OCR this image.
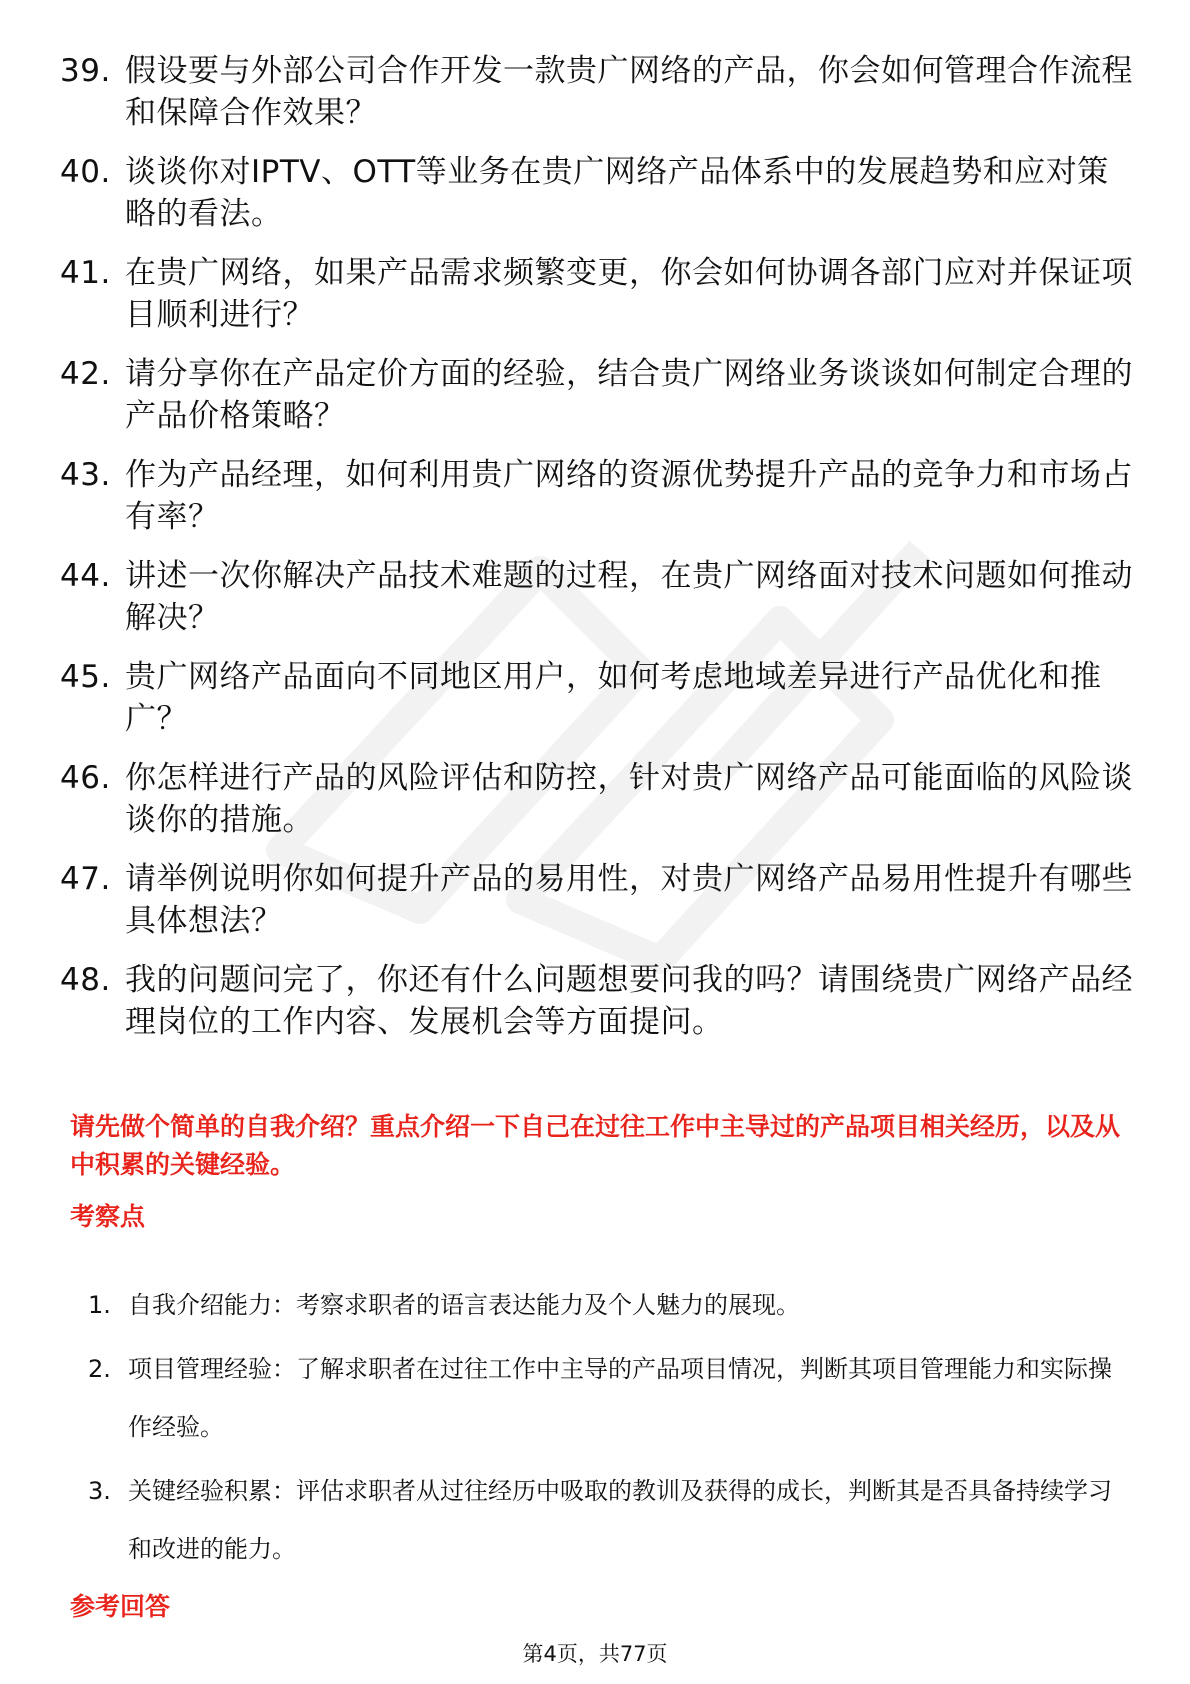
39. 假设要与外部公司合作开发一款贵广网络的产品，你会如何管理合作流程和保障合作效果？
40. 谈谈你对IPTV、OTT等业务在贵广网络产品体系中的发展趋势和应对策略的看法。
41. 在贵广网络，如果产品需求频繁变更，你会如何协调各部门应对并保证项目顺利进行？
42. 请分享你在产品定价方面的经验，结合贵广网络业务谈谈如何制定合理的产品价格策略？
43. 作为产品经理，如何利用贵广网络的资源优势提升产品的竞争力和市场占有率？
44. 讲述一次你解决产品技术难题的过程，在贵广网络面对技术问题如何推动解决？
45. 贵广网络产品面向不同地区用户，如何考虑地域差异进行产品优化和推广？
46. 你怎样进行产品的风险评估和防控，针对贵广网络产品可能面临的风险谈谈你的措施。
47. 请举例说明你如何提升产品的易用性，对贵广网络产品易用性提升有哪些具体想法？
48. 我的问题问完了，你还有什么问题想要问我的吗？请围绕贵广网络产品经理岗位的工作内容、发展机会等方面提问。

请先做个简单的自我介绍？重点介绍一下自己在过往工作中主导过的产品项目相关经历，以及从中积累的关键经验。

考察点
1. 自我介绍能力：考察求职者的语言表达能力及个人魅力的展现。
2. 项目管理经验：了解求职者在过往工作中主导的产品项目情况，判断其项目管理能力和实际操作经验。
3. 关键经验积累：评估求职者从过往经历中吸取的教训及获得的成长，判断其是否具备持续学习和改进的能力。
参考回答
第4页，共77页
